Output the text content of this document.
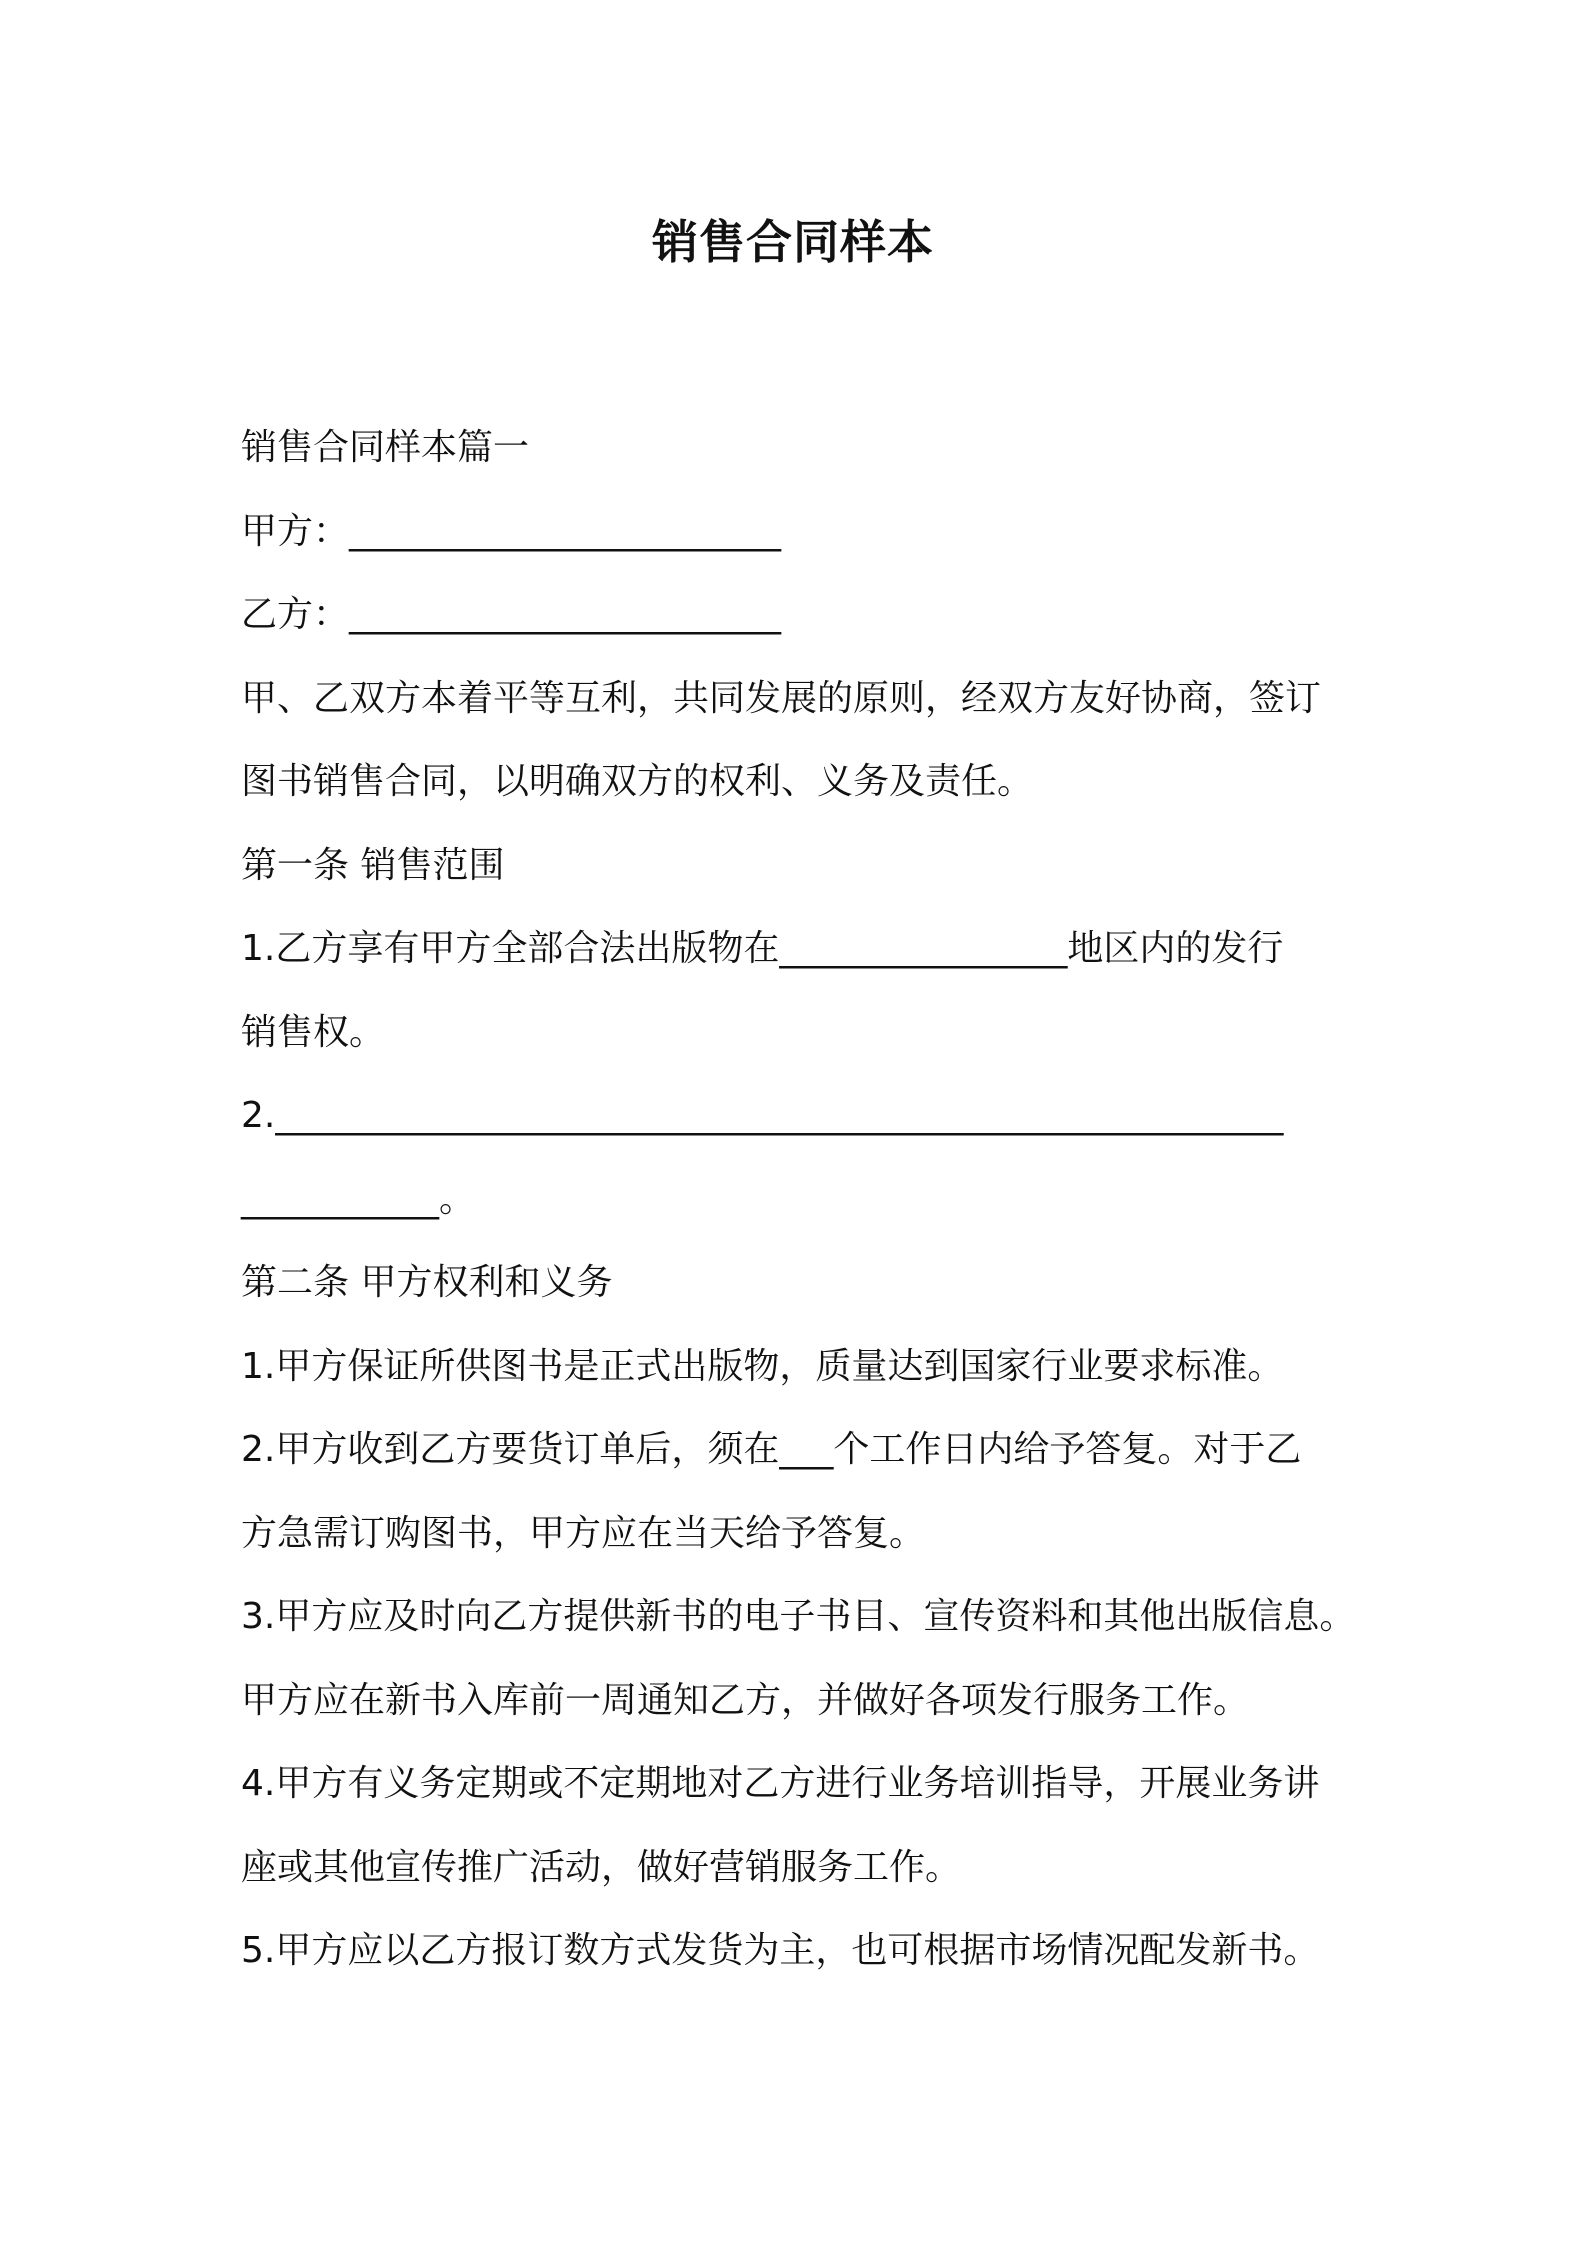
销售合同样本

销售合同样本篇一

甲方：________________________

乙方：________________________

甲、乙双方本着平等互利，共同发展的原则，经双方友好协商，签订

图书销售合同，以明确双方的权利、义务及责任。

第一条 销售范围

1.乙方享有甲方全部合法出版物在________________地区内的发行

销售权。

2.________________________________________________________

___________。

第二条 甲方权利和义务

1.甲方保证所供图书是正式出版物，质量达到国家行业要求标准。

2.甲方收到乙方要货订单后，须在___个工作日内给予答复。对于乙

方急需订购图书，甲方应在当天给予答复。

3.甲方应及时向乙方提供新书的电子书目、宣传资料和其他出版信息。

甲方应在新书入库前一周通知乙方，并做好各项发行服务工作。

4.甲方有义务定期或不定期地对乙方进行业务培训指导，开展业务讲

座或其他宣传推广活动，做好营销服务工作。

5.甲方应以乙方报订数方式发货为主，也可根据市场情况配发新书。
